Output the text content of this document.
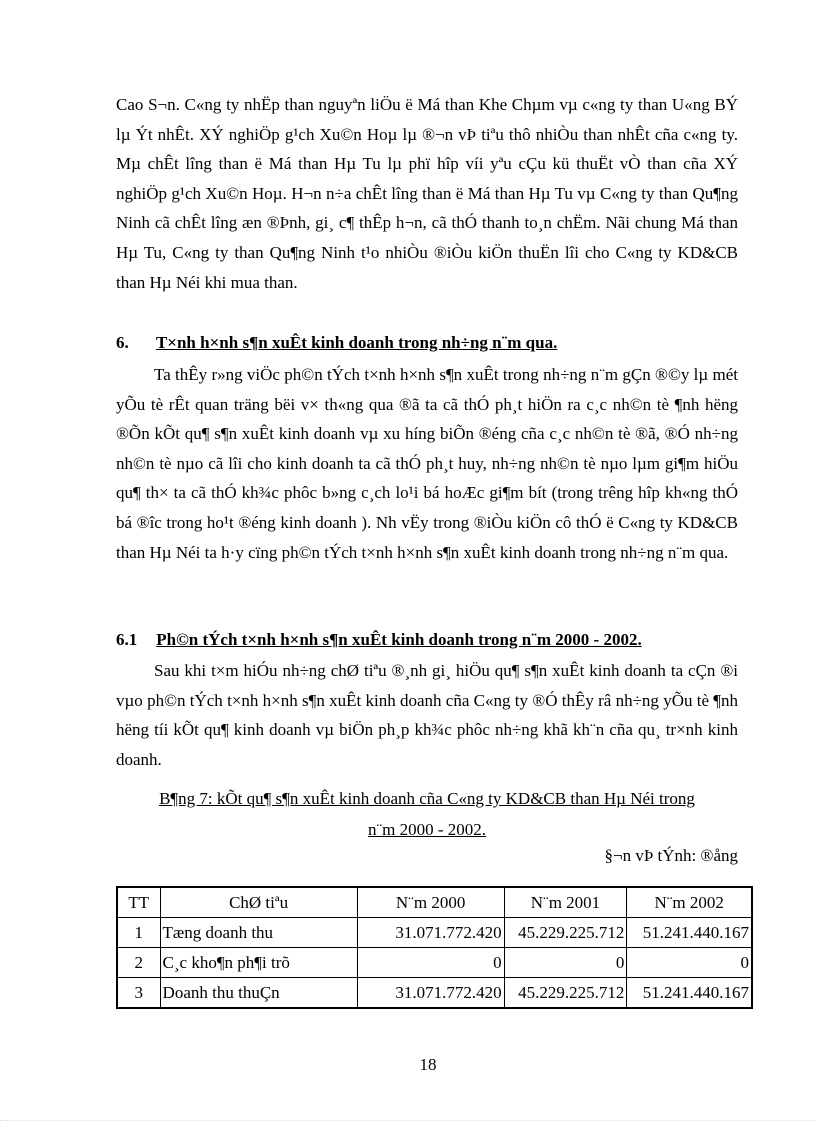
Cao S¬n. C«ng ty nhËp than nguyªn liÖu ë Má than Khe Chµm vµ c«ng ty than U«ng BÝ lµ Ýt nhÊt. XÝ nghiÖp g¹ch Xu©n Hoµ lµ ®¬n vÞ tiªu thô nhiÒu than nhÊt cña c«ng ty. Mµ chÊt lîng than ë Má than Hµ Tu lµ phï hîp víi yªu cÇu kü thuËt vÒ than cña XÝ nghiÖp g¹ch Xu©n Hoµ. H¬n n÷a chÊt lîng than ë Má than Hµ Tu vµ C«ng ty than Qu¶ng Ninh cã chÊt lîng æn ®Þnh, gi¸ c¶ thÊp h¬n, cã thÓ thanh to¸n chËm. Nãi chung Má than Hµ Tu, C«ng ty than Qu¶ng Ninh t¹o nhiÒu ®iÒu kiÖn thuËn lîi cho C«ng ty KD&CB than Hµ Néi khi mua than.

6. T×nh h×nh s¶n xuÊt kinh doanh trong nh÷ng n¨m qua.

Ta thÊy r»ng viÖc ph©n tÝch t×nh h×nh s¶n xuÊt trong nh÷ng n¨m gÇn ®©y lµ mét yÕu tè rÊt quan träng bëi v× th«ng qua ®ã ta cã thÓ ph¸t hiÖn ra c¸c nh©n tè ¶nh hëng ®Õn kÕt qu¶ s¶n xuÊt kinh doanh vµ xu híng biÕn ®éng cña c¸c nh©n tè ®ã, ®Ó nh÷ng nh©n tè nµo cã lîi cho kinh doanh ta cã thÓ ph¸t huy, nh÷ng nh©n tè nµo lµm gi¶m hiÖu qu¶ th× ta cã thÓ kh¾c phôc b»ng c¸ch lo¹i bá hoÆc gi¶m bít (trong trêng hîp kh«ng thÓ bá ®îc trong ho¹t ®éng kinh doanh ). Nh vËy trong ®iÒu kiÖn cô thÓ ë C«ng ty KD&CB than Hµ Néi ta h·y cïng ph©n tÝch t×nh h×nh s¶n xuÊt kinh doanh trong nh÷ng n¨m qua.

6.1 Ph©n tÝch t×nh h×nh s¶n xuÊt kinh doanh trong n¨m 2000 - 2002.

Sau khi t×m hiÓu nh÷ng chØ tiªu ®¸nh gi¸ hiÖu qu¶ s¶n xuÊt kinh doanh ta cÇn ®i vµo ph©n tÝch t×nh h×nh s¶n xuÊt kinh doanh cña C«ng ty ®Ó thÊy râ nh÷ng yÕu tè ¶nh hëng tíi kÕt qu¶ kinh doanh vµ biÖn ph¸p kh¾c phôc nh÷ng khã kh¨n cña qu¸ tr×nh kinh doanh.

B¶ng 7: kÕt qu¶ s¶n xuÊt kinh doanh cña C«ng ty KD&CB than Hµ Néi trong

n¨m 2000 - 2002.

§¬n vÞ tÝnh: ®ång

TT	ChØ tiªu	N¨m 2000	N¨m 2001	N¨m 2002
1	Tæng doanh thu	31.071.772.420	45.229.225.712	51.241.440.167
2	C¸c kho¶n ph¶i trõ	0	0	0
3	Doanh thu thuÇn	31.071.772.420	45.229.225.712	51.241.440.167

18
